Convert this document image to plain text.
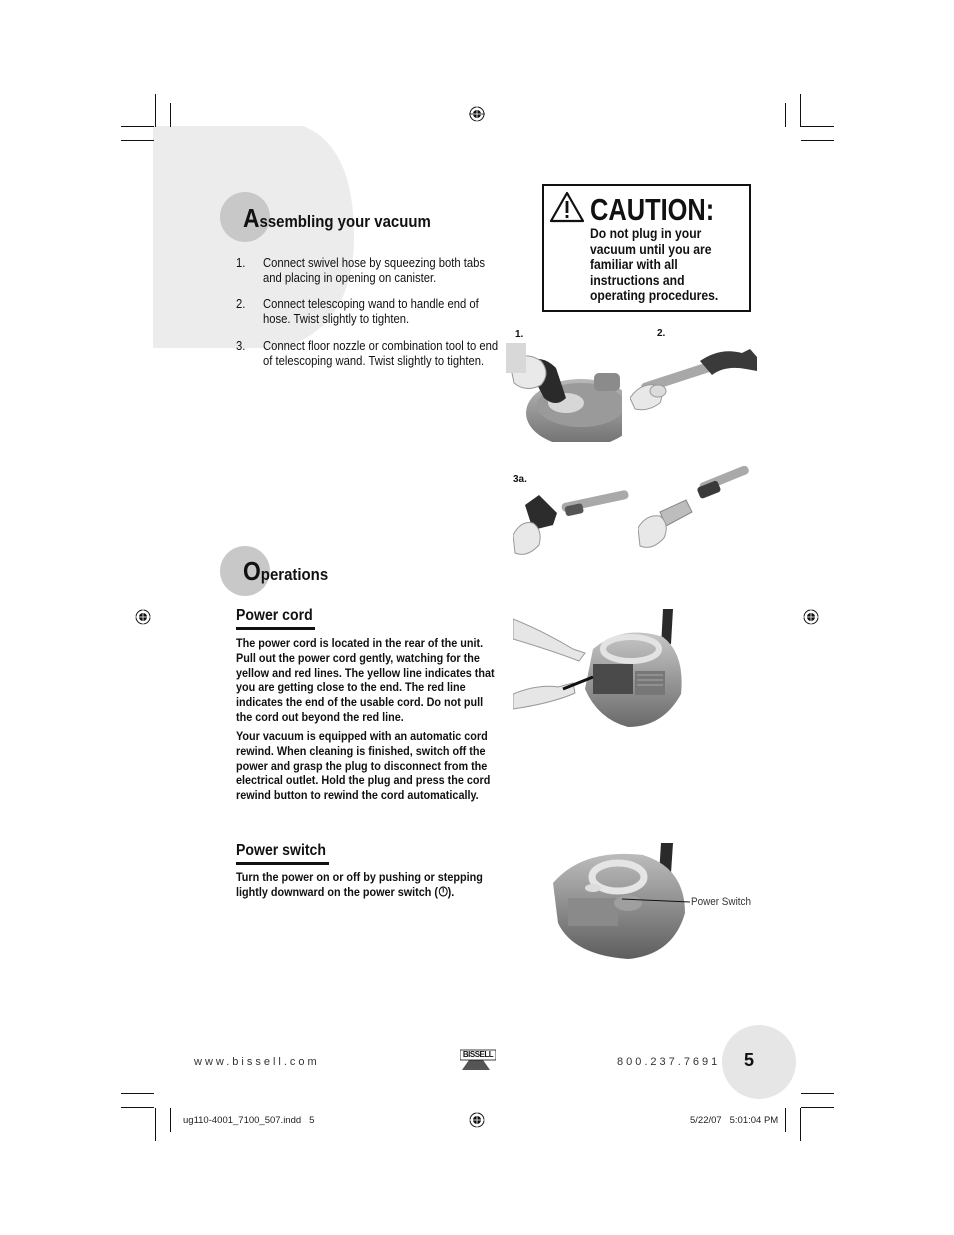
Assembling your vacuum
1. Connect swivel hose by squeezing both tabs and placing in opening on canister.
2. Connect telescoping wand to handle end of hose. Twist slightly to tighten.
3. Connect floor nozzle or combination tool to end of telescoping wand. Twist slightly to tighten.
CAUTION:
Do not plug in your vacuum until you are familiar with all instructions and operating procedures.
1.	2.
3a.	3b.
Operations
Power cord
The power cord is located in the rear of the unit. Pull out the power cord gently, watching for the yellow and red lines. The yellow line indicates that you are getting close to the end. The red line indicates the end of the usable cord. Do not pull the cord out beyond the red line.
Your vacuum is equipped with an automatic cord rewind. When cleaning is finished, switch off the power and grasp the plug to disconnect from the electrical outlet. Hold the plug and press the cord rewind button to rewind the cord automatically.
Power switch
Turn the power on or off by pushing or stepping lightly downward on the power switch ( ).
Power Switch
www.bissell.com
BISSELL
800.237.7691 5
ug110-4001_7100_507.indd   5	5/22/07   5:01:04 PM
